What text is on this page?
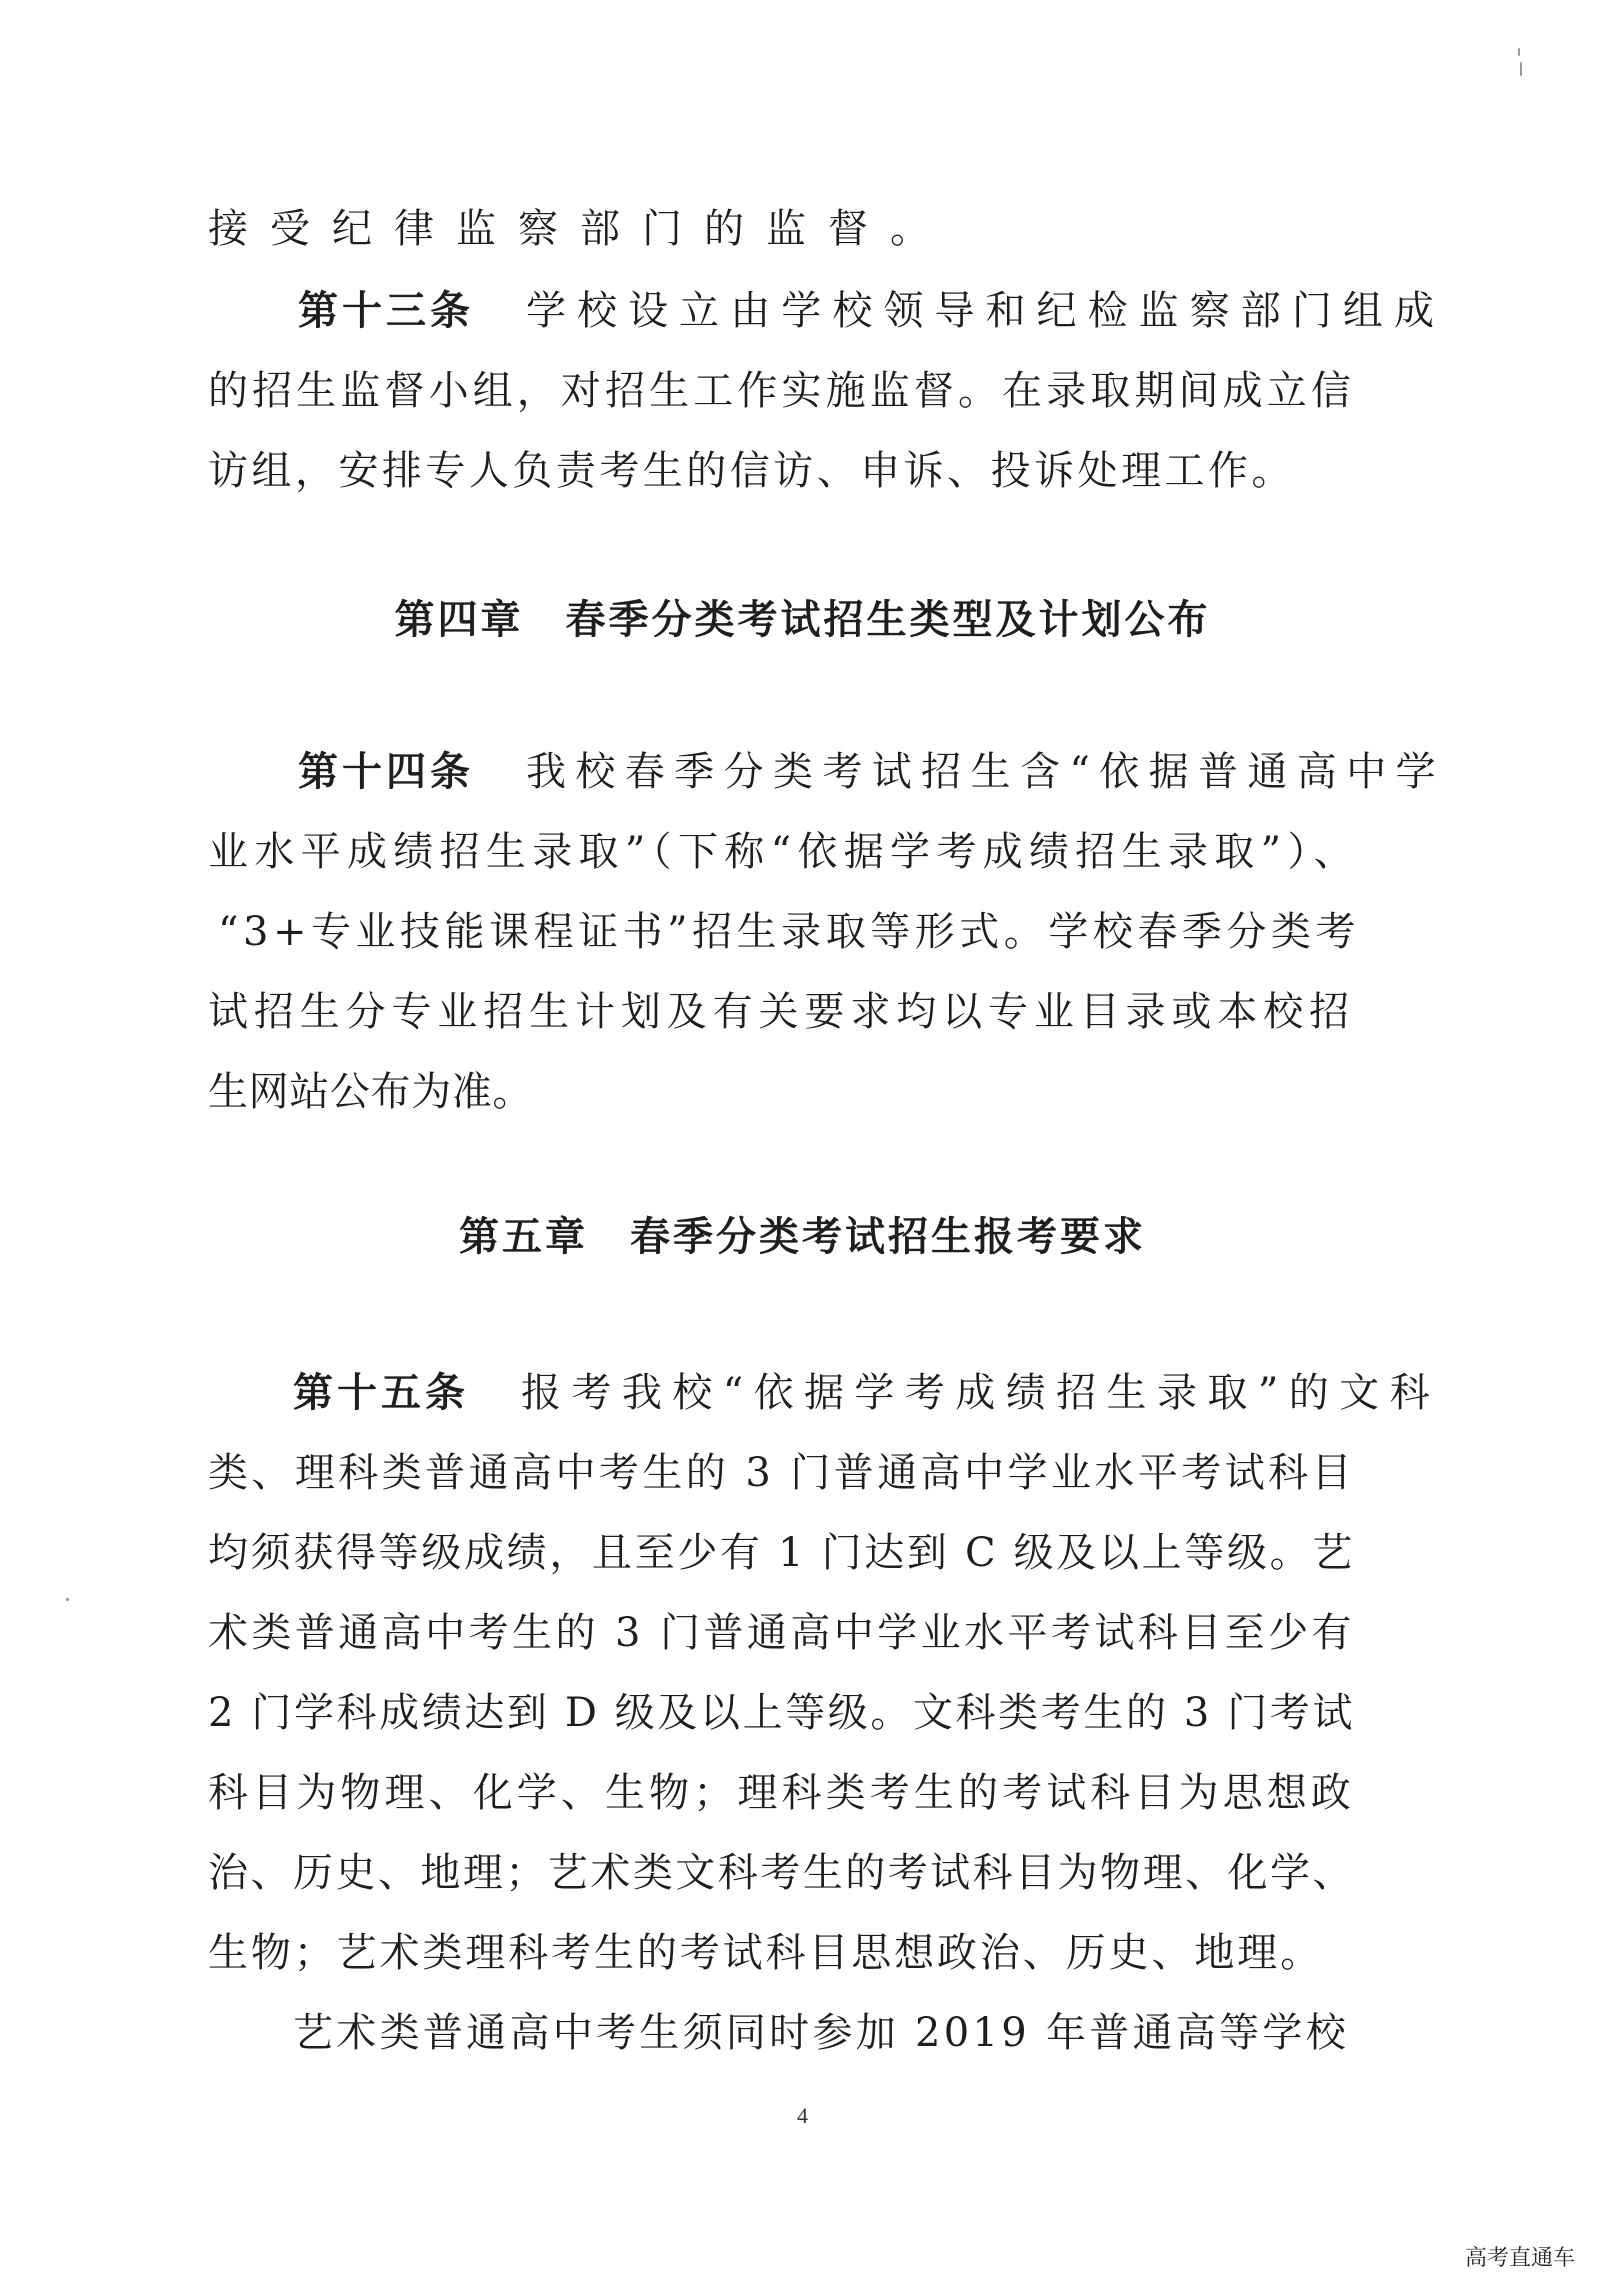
接受纪律监察部门的监督。
第十三条 学校设立由学校领导和纪检监察部门组成
的招生监督小组，对招生工作实施监督。在录取期间成立信
访组，安排专人负责考生的信访、申诉、投诉处理工作。
第四章 春季分类考试招生类型及计划公布
第十四条 我校春季分类考试招生含“依据普通高中学
业水平成绩招生录取”（下称“依据学考成绩招生录取”）、
“3+专业技能课程证书”招生录取等形式。学校春季分类考
试招生分专业招生计划及有关要求均以专业目录或本校招
生网站公布为准。
第五章 春季分类考试招生报考要求
第十五条 报考我校“依据学考成绩招生录取”的文科
类、理科类普通高中考生的 3 门普通高中学业水平考试科目
均须获得等级成绩，且至少有 1 门达到 C 级及以上等级。艺
术类普通高中考生的 3 门普通高中学业水平考试科目至少有
2 门学科成绩达到 D 级及以上等级。文科类考生的 3 门考试
科目为物理、化学、生物；理科类考生的考试科目为思想政
治、历史、地理；艺术类文科考生的考试科目为物理、化学、
生物；艺术类理科考生的考试科目思想政治、历史、地理。
艺术类普通高中考生须同时参加 2019 年普通高等学校
4
高考直通车
